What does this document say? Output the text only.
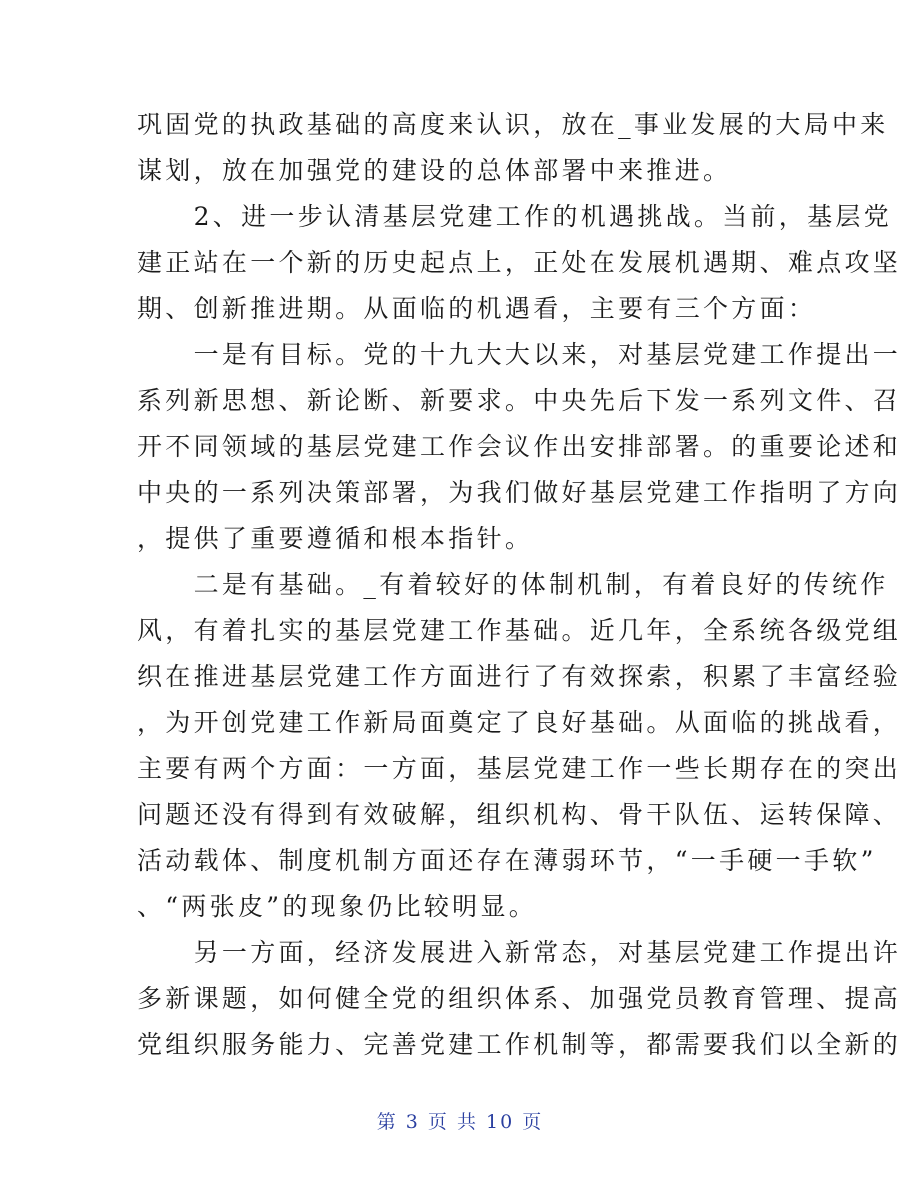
巩固党的执政基础的高度来认识，放在_事业发展的大局中来
谋划，放在加强党的建设的总体部署中来推进。
　　2、进一步认清基层党建工作的机遇挑战。当前，基层党
建正站在一个新的历史起点上，正处在发展机遇期、难点攻坚
期、创新推进期。从面临的机遇看，主要有三个方面：
　　一是有目标。党的十九大大以来，对基层党建工作提出一
系列新思想、新论断、新要求。中央先后下发一系列文件、召
开不同领域的基层党建工作会议作出安排部署。的重要论述和
中央的一系列决策部署，为我们做好基层党建工作指明了方向
，提供了重要遵循和根本指针。
　　二是有基础。_有着较好的体制机制，有着良好的传统作
风，有着扎实的基层党建工作基础。近几年，全系统各级党组
织在推进基层党建工作方面进行了有效探索，积累了丰富经验
，为开创党建工作新局面奠定了良好基础。从面临的挑战看，
主要有两个方面：一方面，基层党建工作一些长期存在的突出
问题还没有得到有效破解，组织机构、骨干队伍、运转保障、
活动载体、制度机制方面还存在薄弱环节，“一手硬一手软”
、“两张皮”的现象仍比较明显。
　　另一方面，经济发展进入新常态，对基层党建工作提出许
多新课题，如何健全党的组织体系、加强党员教育管理、提高
党组织服务能力、完善党建工作机制等，都需要我们以全新的
第 3 页 共 10 页
